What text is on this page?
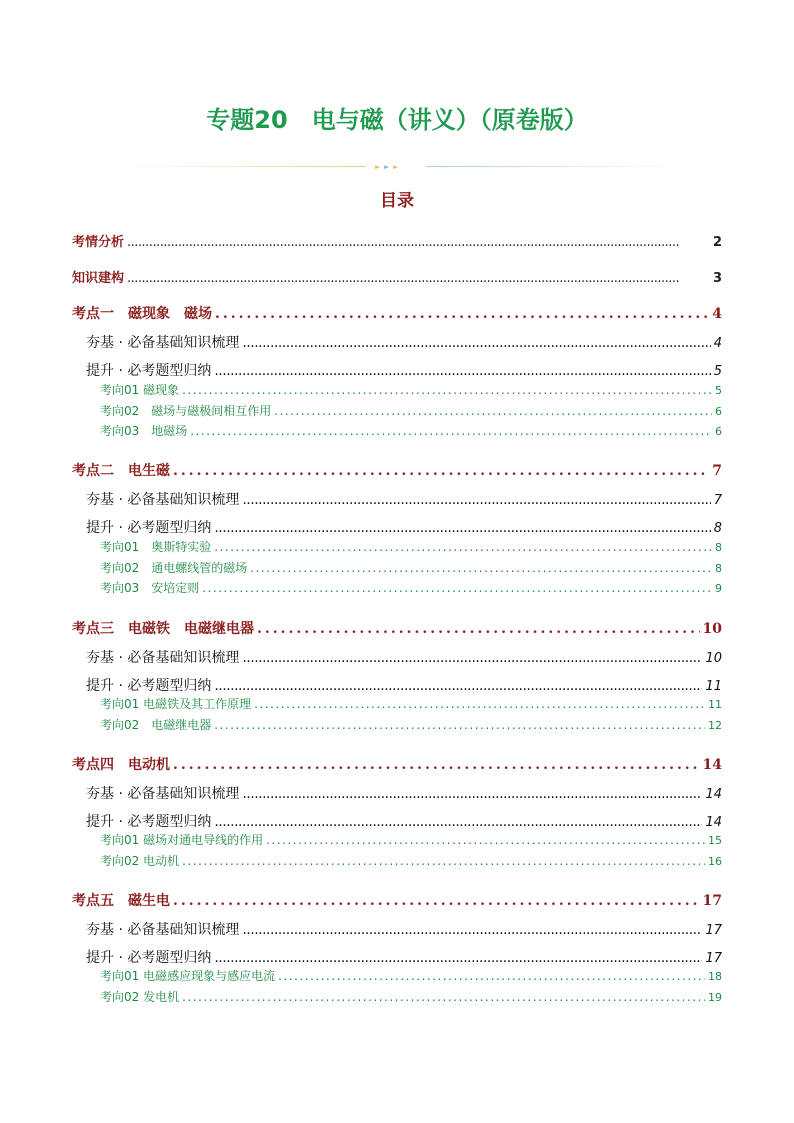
专题20　电与磁（讲义）（原卷版）
► ► ►
目录
考情分析 .....	2
知识建构 .....	3
考点一　磁现象　磁场 .....	4
夯基 · 必备基础知识梳理 .....	4
提升 · 必考题型归纳 .....	5
考向01 磁现象 .....	5
考向02　磁场与磁极间相互作用 .....	6
考向03　地磁场 .....	6
考点二　电生磁 .....	7
夯基 · 必备基础知识梳理 .....	7
提升 · 必考题型归纳 .....	8
考向01　奥斯特实验 .....	8
考向02　通电螺线管的磁场 .....	8
考向03　安培定则 .....	9
考点三　电磁铁　电磁继电器 .....	10
夯基 · 必备基础知识梳理 .....	10
提升 · 必考题型归纳 .....	11
考向01 电磁铁及其工作原理 .....	11
考向02　电磁继电器 .....	12
考点四　电动机 .....	14
夯基 · 必备基础知识梳理 .....	14
提升 · 必考题型归纳 .....	14
考向01 磁场对通电导线的作用 .....	15
考向02 电动机 .....	16
考点五　磁生电 .....	17
夯基 · 必备基础知识梳理 .....	17
提升 · 必考题型归纳 .....	17
考向01 电磁感应现象与感应电流 .....	18
考向02 发电机 .....	19
